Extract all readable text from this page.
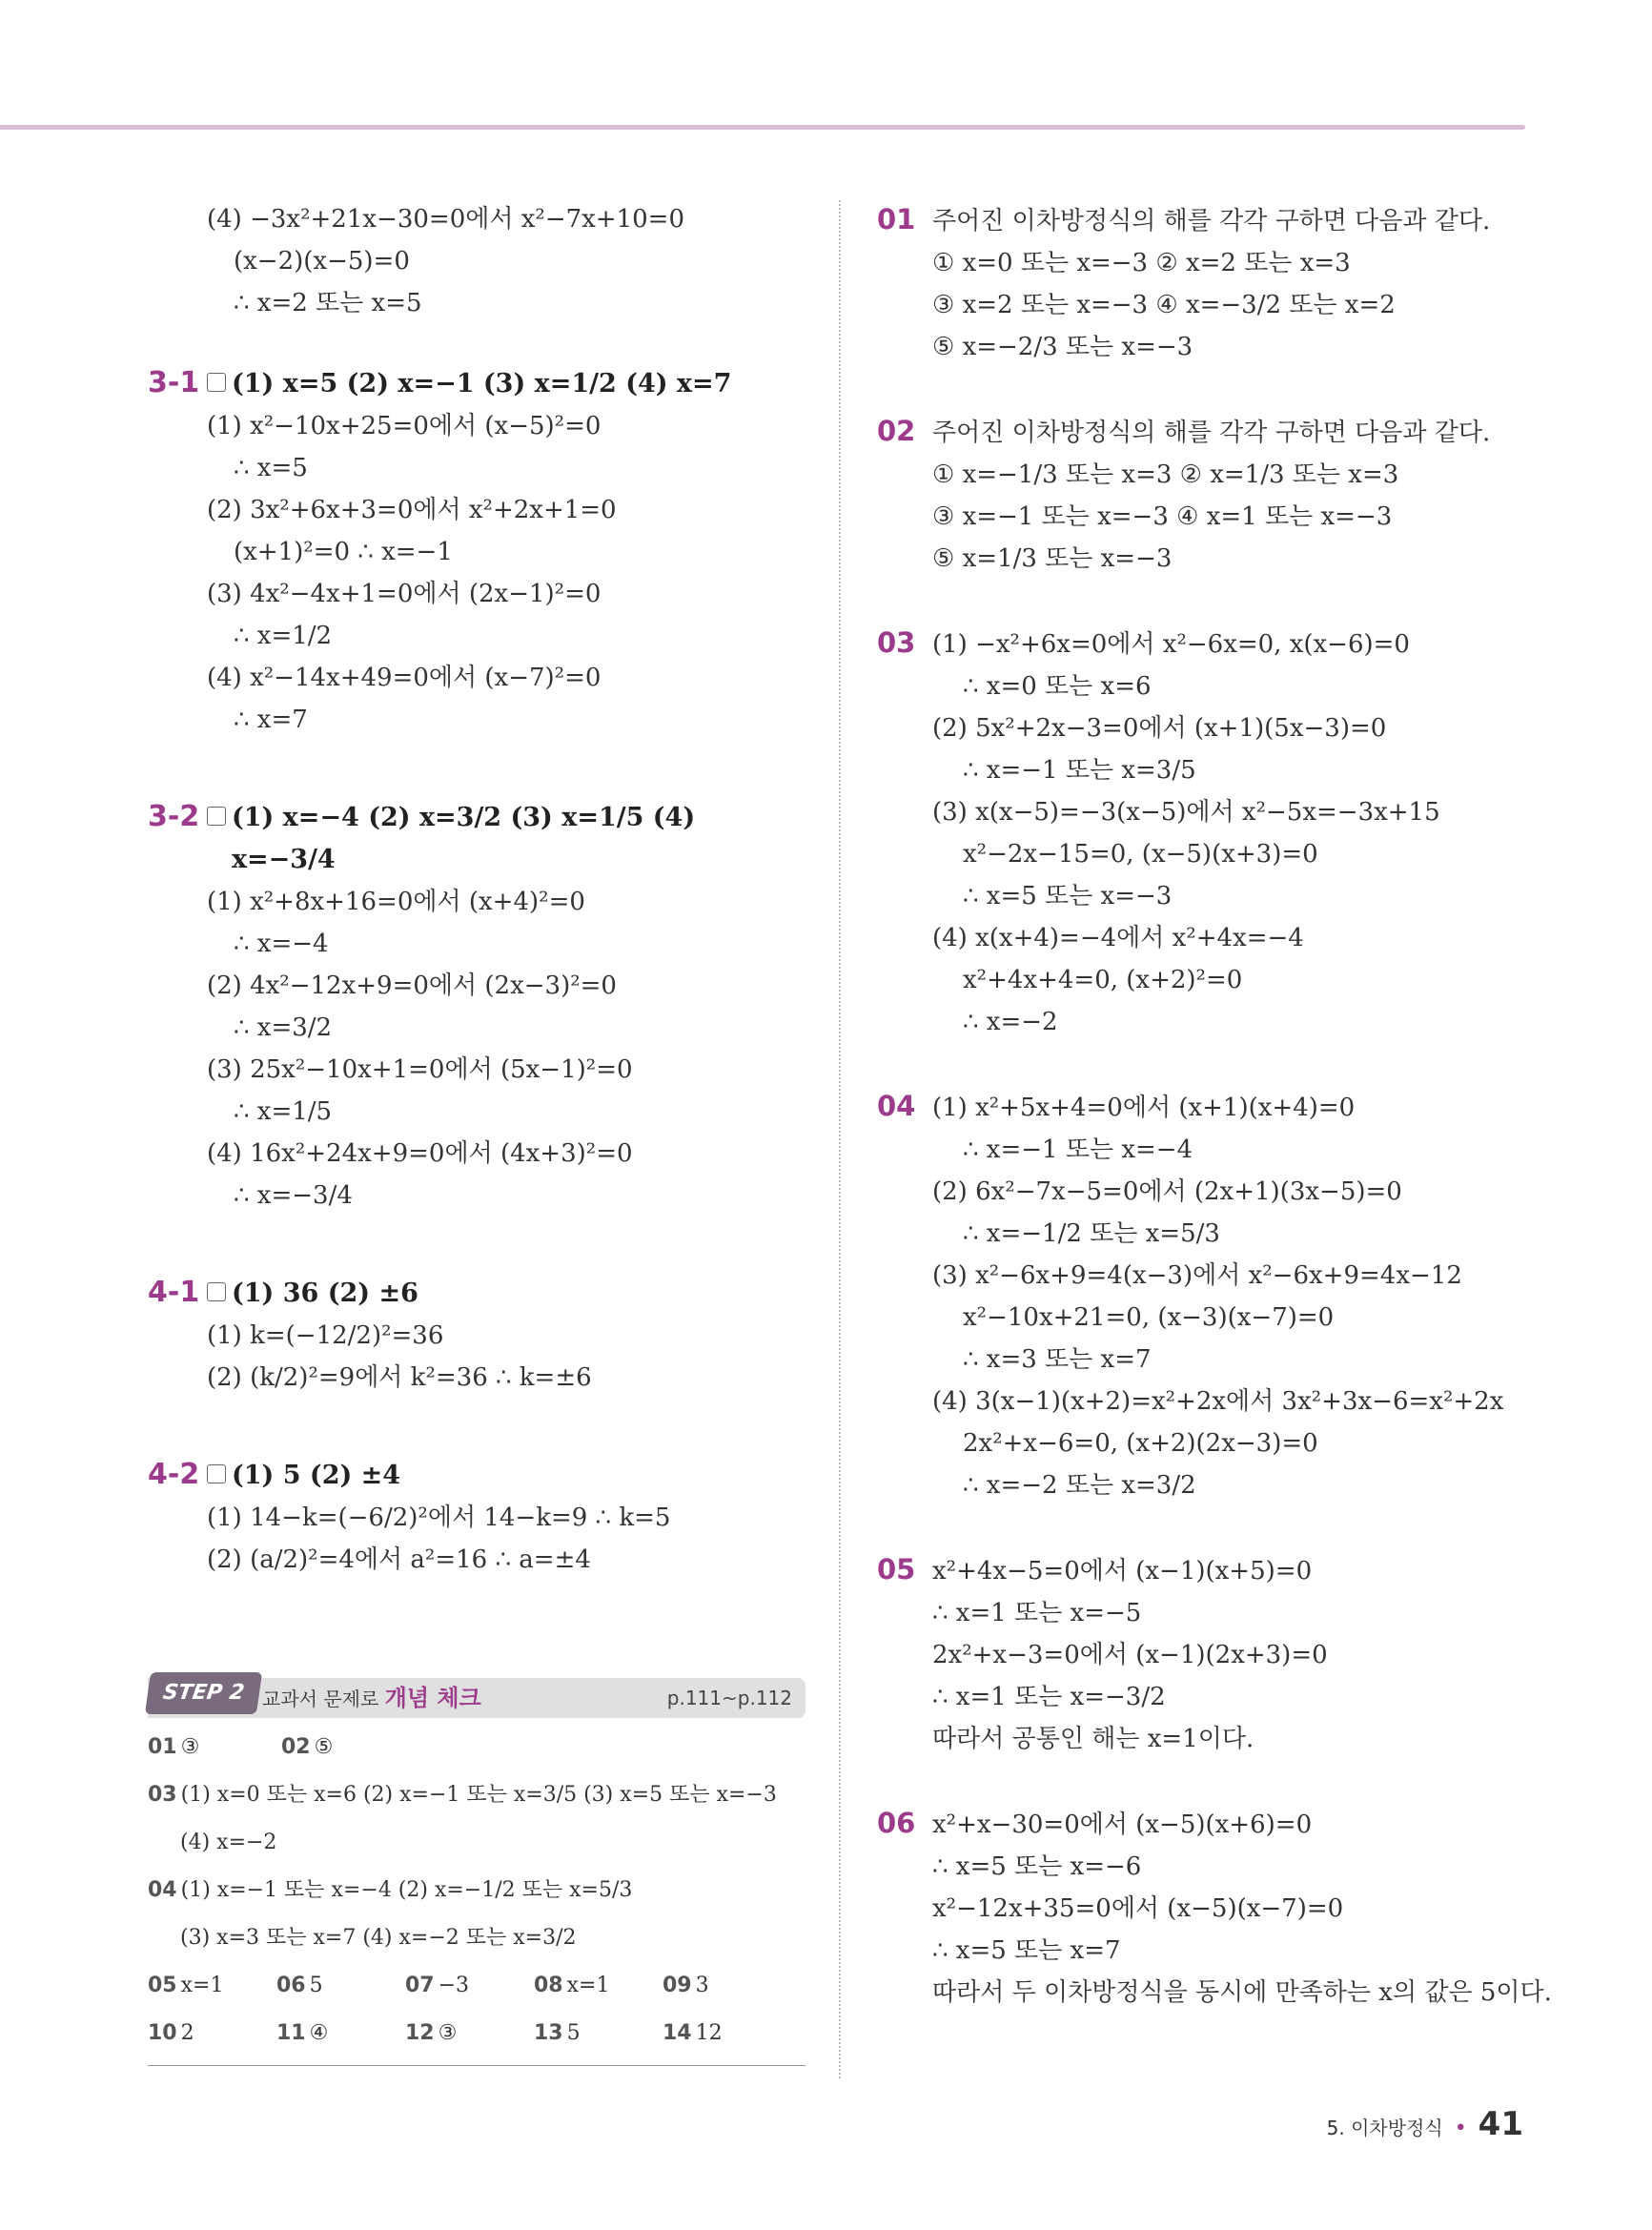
(4) −3x²+21x−30=0에서 x²−7x+10=0
(x−2)(x−5)=0
∴ x=2 또는 x=5
3-1 (1) x=5 (2) x=−1 (3) x=1/2 (4) x=7
(1) x²−10x+25=0에서 (x−5)²=0
∴ x=5
(2) 3x²+6x+3=0에서 x²+2x+1=0
(x+1)²=0 ∴ x=−1
(3) 4x²−4x+1=0에서 (2x−1)²=0
∴ x=1/2
(4) x²−14x+49=0에서 (x−7)²=0
∴ x=7
3-2 (1) x=−4 (2) x=3/2 (3) x=1/5 (4) x=−3/4
(1) x²+8x+16=0에서 (x+4)²=0
∴ x=−4
(2) 4x²−12x+9=0에서 (2x−3)²=0
∴ x=3/2
(3) 25x²−10x+1=0에서 (5x−1)²=0
∴ x=1/5
(4) 16x²+24x+9=0에서 (4x+3)²=0
∴ x=−3/4
4-1 (1) 36 (2) ±6
(1) k=(−12/2)²=36
(2) (k/2)²=9에서 k²=36 ∴ k=±6
4-2 (1) 5 (2) ±4
(1) 14−k=(−6/2)²에서 14−k=9 ∴ k=5
(2) (a/2)²=4에서 a²=16 ∴ a=±4
STEP 2 교과서 문제로 개념 체크	p.111~p.112
01 ③	02 ⑤
03 (1) x=0 또는 x=6 (2) x=−1 또는 x=3/5 (3) x=5 또는 x=−3
(4) x=−2
04 (1) x=−1 또는 x=−4 (2) x=−1/2 또는 x=5/3
(3) x=3 또는 x=7 (4) x=−2 또는 x=3/2
05 x=1	06 5	07 −3	08 x=1	09 3
10 2	11 ④	12 ③	13 5	14 12
01 주어진 이차방정식의 해를 각각 구하면 다음과 같다.
① x=0 또는 x=−3 ② x=2 또는 x=3
③ x=2 또는 x=−3 ④ x=−3/2 또는 x=2
⑤ x=−2/3 또는 x=−3
02 주어진 이차방정식의 해를 각각 구하면 다음과 같다.
① x=−1/3 또는 x=3 ② x=1/3 또는 x=3
③ x=−1 또는 x=−3 ④ x=1 또는 x=−3
⑤ x=1/3 또는 x=−3
03 (1) −x²+6x=0에서 x²−6x=0, x(x−6)=0
∴ x=0 또는 x=6
(2) 5x²+2x−3=0에서 (x+1)(5x−3)=0
∴ x=−1 또는 x=3/5
(3) x(x−5)=−3(x−5)에서 x²−5x=−3x+15
x²−2x−15=0, (x−5)(x+3)=0
∴ x=5 또는 x=−3
(4) x(x+4)=−4에서 x²+4x=−4
x²+4x+4=0, (x+2)²=0
∴ x=−2
04 (1) x²+5x+4=0에서 (x+1)(x+4)=0
∴ x=−1 또는 x=−4
(2) 6x²−7x−5=0에서 (2x+1)(3x−5)=0
∴ x=−1/2 또는 x=5/3
(3) x²−6x+9=4(x−3)에서 x²−6x+9=4x−12
x²−10x+21=0, (x−3)(x−7)=0
∴ x=3 또는 x=7
(4) 3(x−1)(x+2)=x²+2x에서 3x²+3x−6=x²+2x
2x²+x−6=0, (x+2)(2x−3)=0
∴ x=−2 또는 x=3/2
05 x²+4x−5=0에서 (x−1)(x+5)=0
∴ x=1 또는 x=−5
2x²+x−3=0에서 (x−1)(2x+3)=0
∴ x=1 또는 x=−3/2
따라서 공통인 해는 x=1이다.
06 x²+x−30=0에서 (x−5)(x+6)=0
∴ x=5 또는 x=−6
x²−12x+35=0에서 (x−5)(x−7)=0
∴ x=5 또는 x=7
따라서 두 이차방정식을 동시에 만족하는 x의 값은 5이다.
5. 이차방정식 • 41
